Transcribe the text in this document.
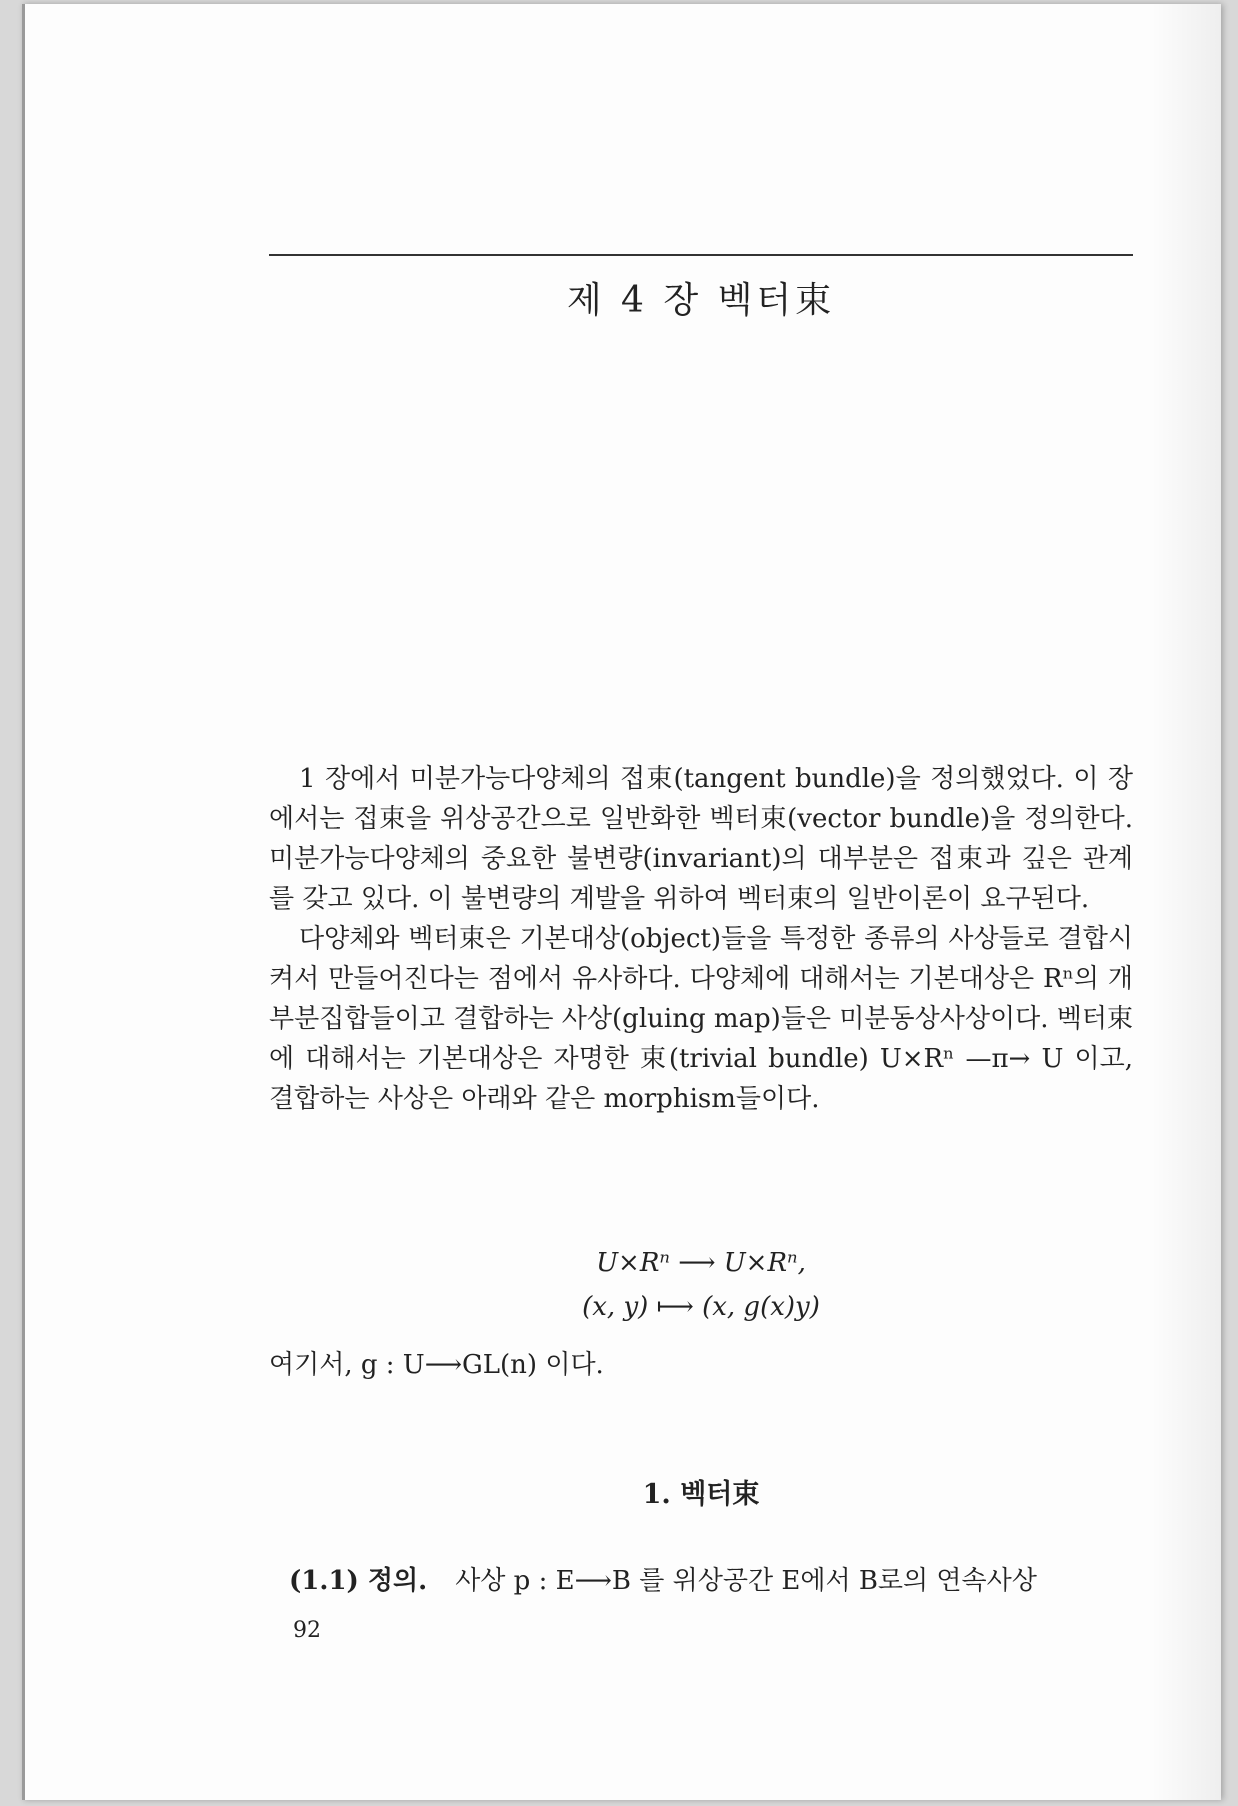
제 4 장 벡터束

1 장에서 미분가능다양체의 접束(tangent bundle)을 정의했었다. 이 장에서는 접束을 위상공간으로 일반화한 벡터束(vector bundle)을 정의한다. 미분가능다양체의 중요한 불변량(invariant)의 대부분은 접束과 깊은 관계를 갖고 있다. 이 불변량의 계발을 위하여 벡터束의 일반이론이 요구된다.

다양체와 벡터束은 기본대상(object)들을 특정한 종류의 사상들로 결합시켜서 만들어진다는 점에서 유사하다. 다양체에 대해서는 기본대상은 Rⁿ의 개부분집합들이고 결합하는 사상(gluing map)들은 미분동상사상이다. 벡터束에 대해서는 기본대상은 자명한 束(trivial bundle) U×Rⁿ —π→ U 이고, 결합하는 사상은 아래와 같은 morphism들이다.

U×Rⁿ ⟶ U×Rⁿ,
(x, y) ⟼ (x, g(x)y)
여기서, g : U⟶GL(n) 이다.
1. 벡터束
(1.1) 정의. 사상 p : E⟶B 를 위상공간 E에서 B로의 연속사상
92
